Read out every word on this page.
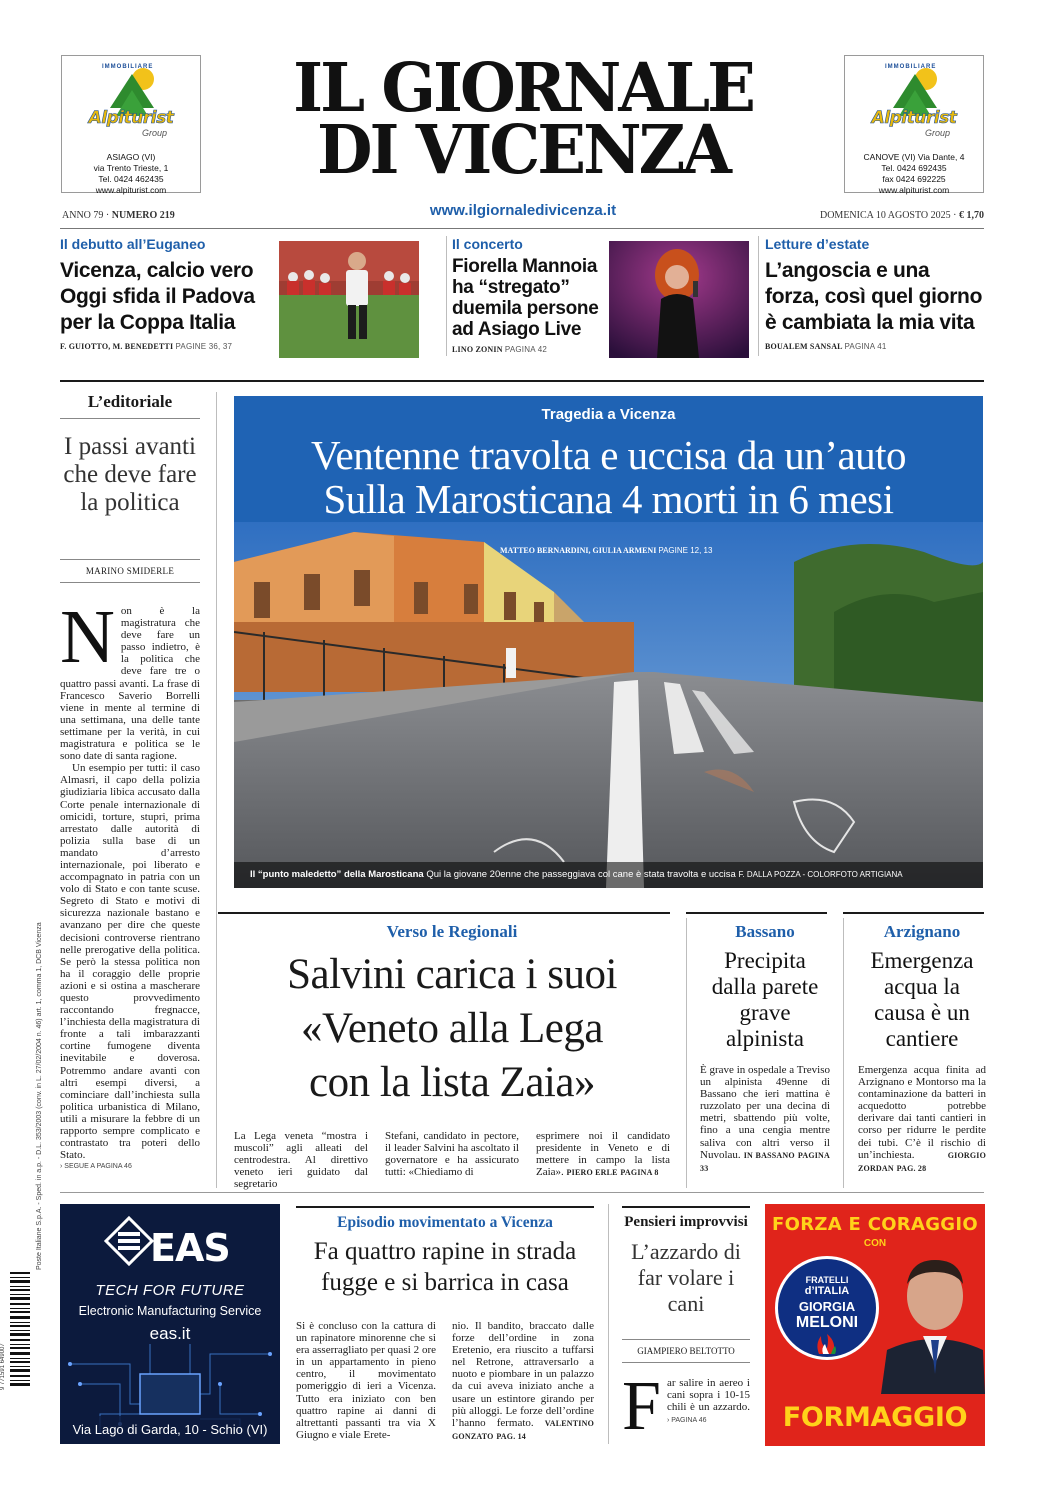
IMMOBILIARE
Alpiturist
Group
ASIAGO (VI)
via Trento Trieste, 1
Tel. 0424 462435
www.alpiturist.com
IMMOBILIARE
Alpiturist
Group
CANOVE (VI) Via Dante, 4
Tel. 0424 692435
fax 0424 692225
www.alpiturist.com
IL GIORNALE
DI VICENZA
www.ilgiornaledivicenza.it
ANNO 79 · NUMERO 219	DOMENICA 10 AGOSTO 2025 · € 1,70
Il debutto all’Euganeo
Vicenza, calcio vero Oggi sfida il Padova per la Coppa Italia
F. GUIOTTO, M. BENEDETTI PAGINE 36, 37
Il concerto
Fiorella Mannoia ha “stregato” duemila persone ad Asiago Live
LINO ZONIN PAGINA 42
Letture d’estate
L’angoscia e una forza, così quel giorno è cambiata la mia vita
BOUALEM SANSAL PAGINA 41
L’editoriale
I passi avanti che deve fare la politica
MARINO SMIDERLE
Non è la magistratura che deve fare un passo indietro, è la politica che deve fare tre o quattro passi avanti. La frase di Francesco Saverio Borrelli viene in mente al termine di una settimana, una delle tante settimane per la verità, in cui magistratura e politica se le sono date di santa ragione.
Un esempio per tutti: il caso Almasri, il capo della polizia giudiziaria libica accusato dalla Corte penale internazionale di omicidi, torture, stupri, prima arrestato dalle autorità di polizia sulla base di un mandato d’arresto internazionale, poi liberato e accompagnato in patria con un volo di Stato e con tante scuse. Segreto di Stato e motivi di sicurezza nazionale bastano e avanzano per dire che queste decisioni controverse rientrano nelle prerogative della politica. Se però la stessa politica non ha il coraggio delle proprie azioni e si ostina a mascherare questo provvedimento raccontando fregnacce, l’inchiesta della magistratura di fronte a tali imbarazzanti cortine fumogene diventa inevitabile e doverosa. Potremmo andare avanti con altri esempi diversi, a cominciare dall’inchiesta sulla politica urbanistica di Milano, utili a misurare la febbre di un rapporto sempre complicato e contrastato tra poteri dello Stato.
› SEGUE A PAGINA 46
Poste Italiane S.p.A. - Sped. in a.p. - D.L. 353/2003 (conv. in L. 27/02/2004 n. 46) art. 1, comma 1, DCB Vicenza
9 771591 649007
Tragedia a Vicenza
Ventenne travolta e uccisa da un’auto
Sulla Marosticana 4 morti in 6 mesi
MATTEO BERNARDINI, GIULIA ARMENI PAGINE 12, 13
Il “punto maledetto” della Marosticana Qui la giovane 20enne che passeggiava col cane è stata travolta e uccisa F. DALLA POZZA - COLORFOTO ARTIGIANA
Verso le Regionali
Salvini carica i suoi
«Veneto alla Lega
con la lista Zaia»
La Lega veneta “mostra i muscoli” agli alleati del centrodestra. Al direttivo veneto ieri guidato dal segretario
Stefani, candidato in pectore, il leader Salvini ha ascoltato il governatore e ha assicurato tutti: «Chiediamo di
esprimere noi il candidato presidente in Veneto e di mettere in campo la lista Zaia». PIERO ERLE PAGINA 8
Bassano
Precipita dalla parete grave alpinista
È grave in ospedale a Treviso un alpinista 49enne di Bassano che ieri mattina è ruzzolato per una decina di metri, sbattendo più volte, fino a una cengia mentre saliva con altri verso il Nuvolau. IN BASSANO PAGINA 33
Arzignano
Emergenza acqua la causa è un cantiere
Emergenza acqua finita ad Arzignano e Montorso ma la contaminazione da batteri in acquedotto potrebbe derivare dai tanti cantieri in corso per ridurre le perdite dei tubi. C’è il rischio di un’inchiesta.	GIORGIO ZORDAN PAG. 28
EAS
TECH FOR FUTURE
Electronic Manufacturing Service
eas.it
Via Lago di Garda, 10 - Schio (VI)
Episodio movimentato a Vicenza
Fa quattro rapine in strada
fugge e si barrica in casa
Si è concluso con la cattura di un rapinatore minorenne che si era asserragliato per quasi 2 ore in un appartamento in pieno centro, il movimentato pomeriggio di ieri a Vicenza. Tutto era iniziato con ben quattro rapine ai danni di altrettanti passanti tra via X Giugno e viale Erete-
nio. Il bandito, braccato dalle forze dell’ordine in zona Eretenio, era riuscito a tuffarsi nel Retrone, attraversarlo a nuoto e piombare in un palazzo da cui aveva iniziato anche a usare un estintore girando per più alloggi. Le forze dell’ordine l’hanno fermato. VALENTINO GONZATO PAG. 14
Pensieri improvvisi
L’azzardo di far volare i cani
GIAMPIERO BELTOTTO
Far salire in aereo i cani sopra i 10-15 chili è un azzardo. › PAGINA 46
FORZA E CORAGGIO
CON
FRATELLI
d’ITALIA
GIORGIA
MELONI
FORMAGGIO
